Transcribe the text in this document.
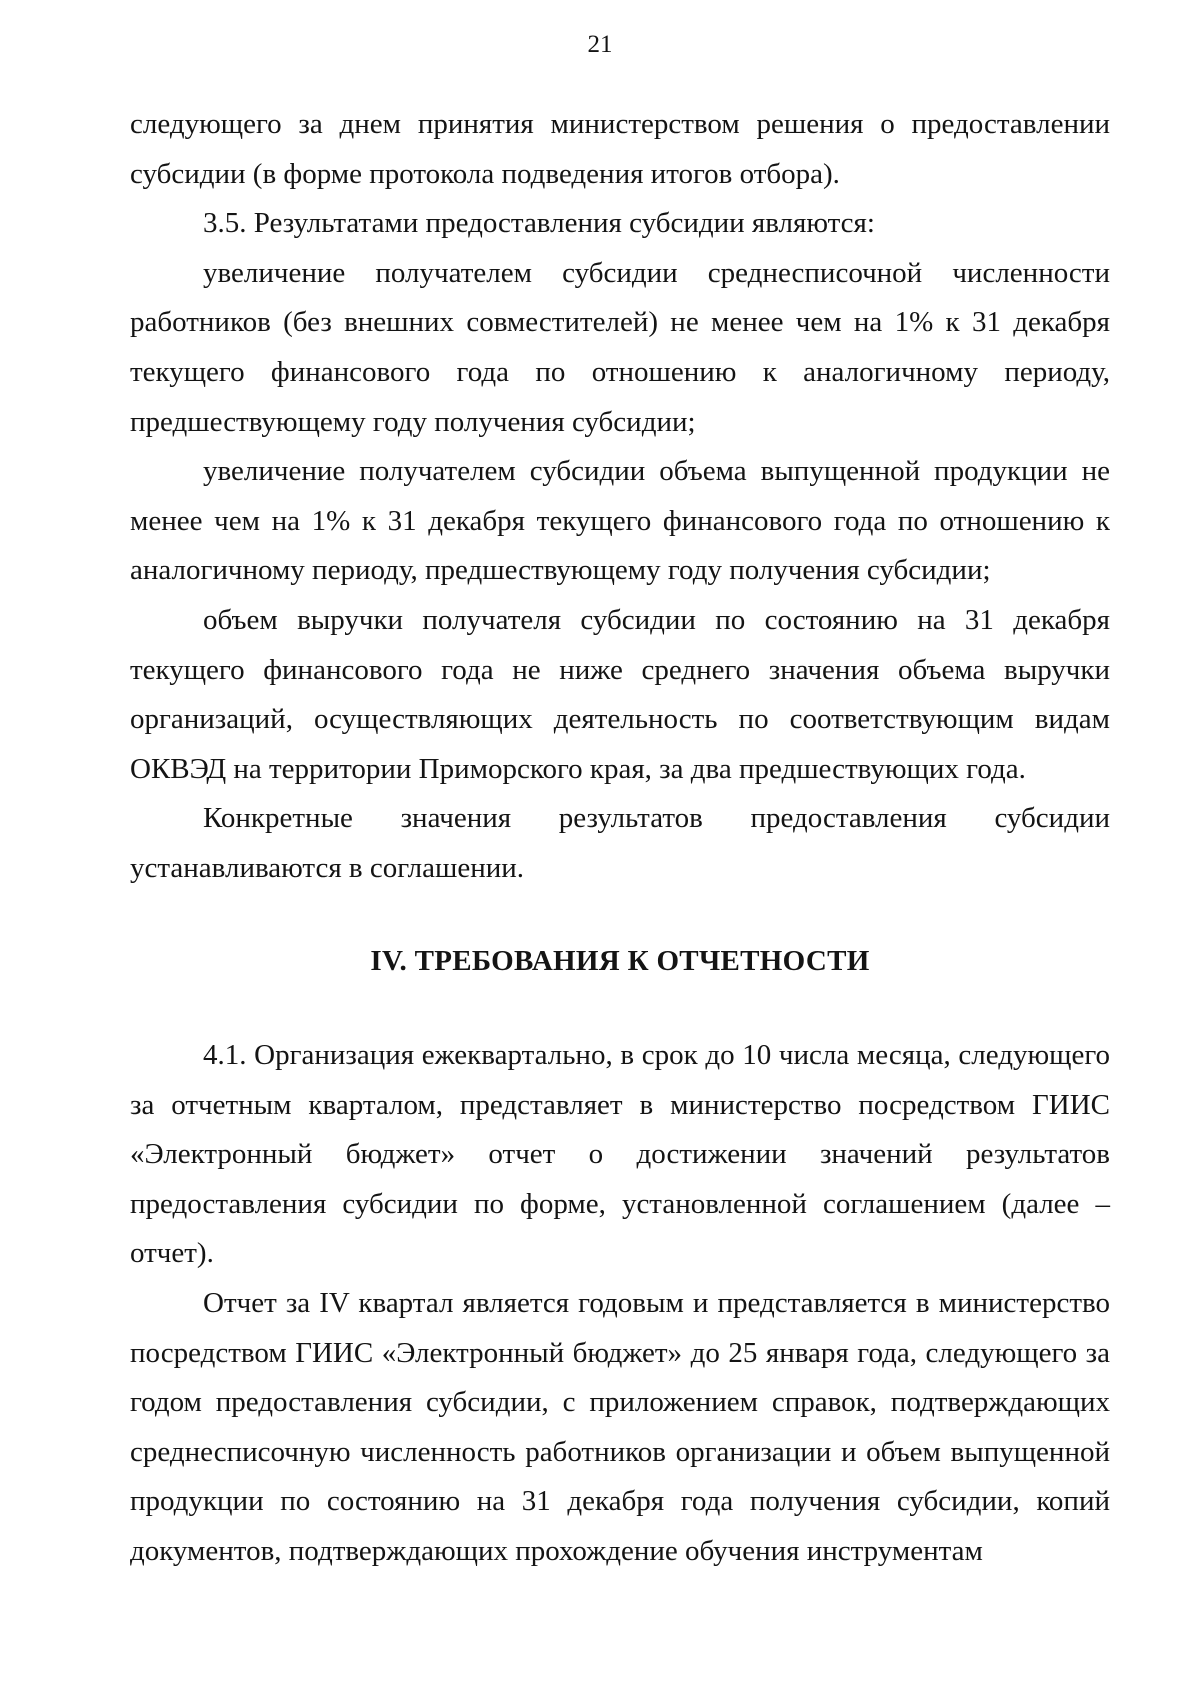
21

следующего за днем принятия министерством решения о предоставлении субсидии (в форме протокола подведения итогов отбора).

3.5. Результатами предоставления субсидии являются:

увеличение получателем субсидии среднесписочной численности работников (без внешних совместителей) не менее чем на 1% к 31 декабря текущего финансового года по отношению к аналогичному периоду, предшествующему году получения субсидии;

увеличение получателем субсидии объема выпущенной продукции не менее чем на 1% к 31 декабря текущего финансового года по отношению к аналогичному периоду, предшествующему году получения субсидии;

объем выручки получателя субсидии по состоянию на 31 декабря текущего финансового года не ниже среднего значения объема выручки организаций, осуществляющих деятельность по соответствующим видам ОКВЭД на территории Приморского края, за два предшествующих года.

Конкретные значения результатов предоставления субсидии устанавливаются в соглашении.

IV. ТРЕБОВАНИЯ К ОТЧЕТНОСТИ

4.1. Организация ежеквартально, в срок до 10 числа месяца, следующего за отчетным кварталом, представляет в министерство посредством ГИИС «Электронный бюджет» отчет о достижении значений результатов предоставления субсидии по форме, установленной соглашением (далее – отчет).

Отчет за IV квартал является годовым и представляется в министерство посредством ГИИС «Электронный бюджет» до 25 января года, следующего за годом предоставления субсидии, с приложением справок, подтверждающих среднесписочную численность работников организации и объем выпущенной продукции по состоянию на 31 декабря года получения субсидии, копий документов, подтверждающих прохождение обучения инструментам
